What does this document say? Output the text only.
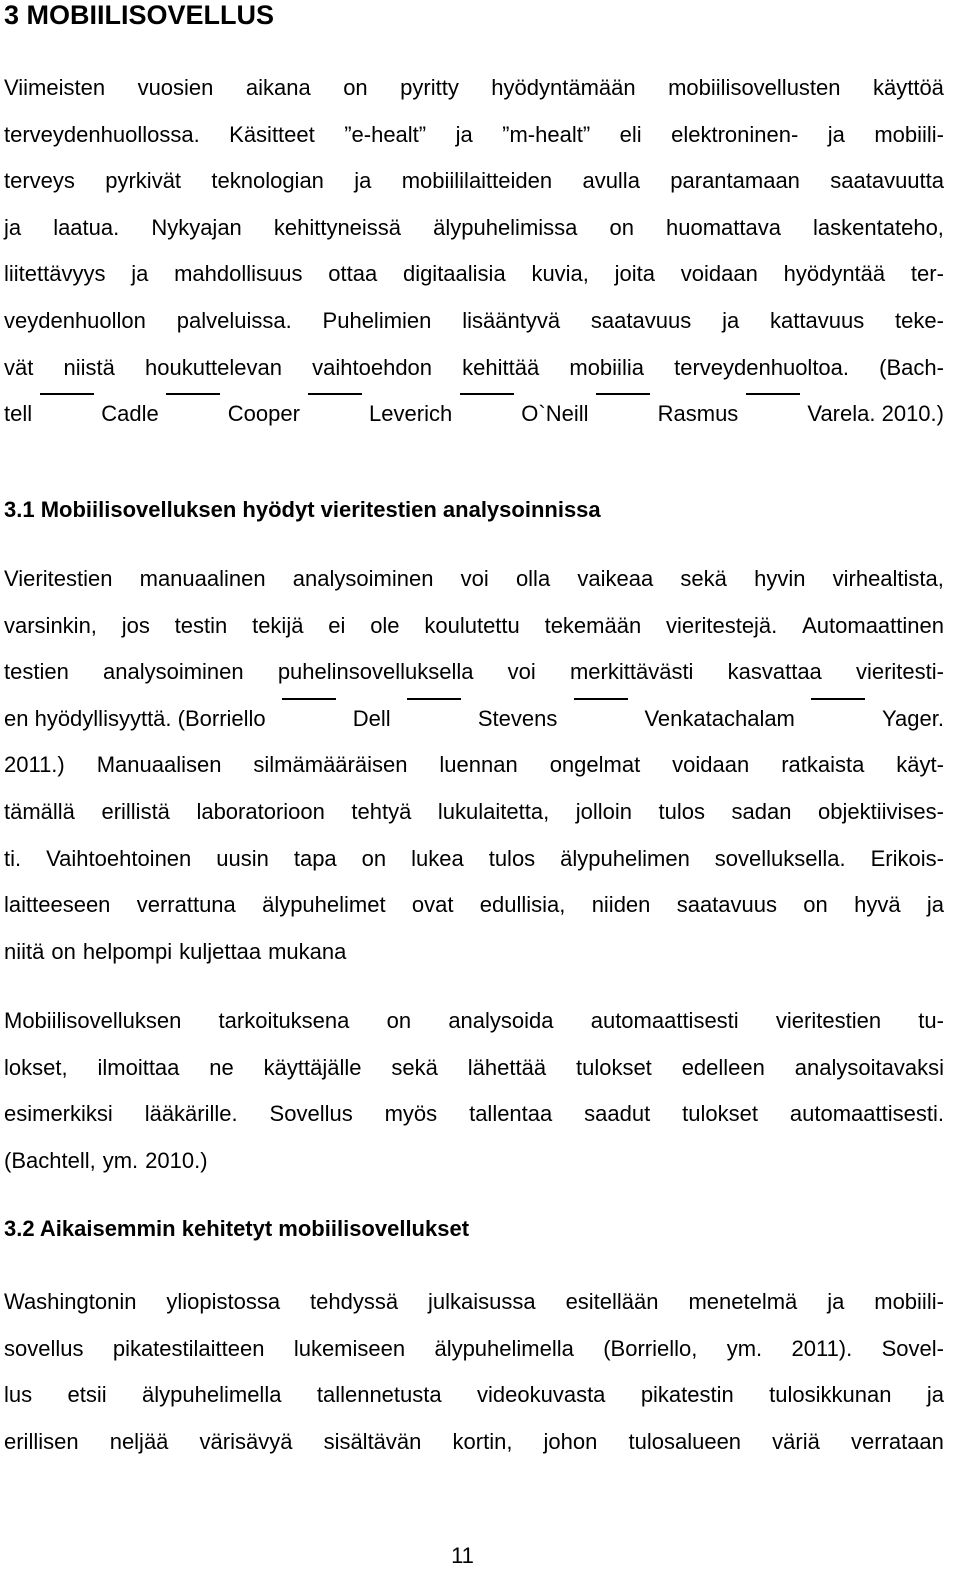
3 MOBIILISOVELLUS
Viimeisten vuosien aikana on pyritty hyödyntämään mobiilisovellusten käyttöä
terveydenhuollossa. Käsitteet ”e-healt” ja ”m-healt” eli elektroninen- ja mobiili-
terveys pyrkivät teknologian ja mobiililaitteiden avulla parantamaan saatavuutta
ja laatua. Nykyajan kehittyneissä älypuhelimissa on huomattava laskentateho,
liitettävyys ja mahdollisuus ottaa digitaalisia kuvia, joita voidaan hyödyntää ter-
veydenhuollon palveluissa. Puhelimien lisääntyvä saatavuus ja kattavuus teke-
vät niistä houkuttelevan vaihtoehdon kehittää mobiilia terveydenhuoltoa. (Bach-
tell	Cadle	Cooper	Leverich	O`Neill	Rasmus	Varela. 2010.)
3.1 Mobiilisovelluksen hyödyt vieritestien analysoinnissa
Vieritestien manuaalinen analysoiminen voi olla vaikeaa sekä hyvin virhealtista,
varsinkin, jos testin tekijä ei ole koulutettu tekemään vieritestejä. Automaattinen
testien analysoiminen puhelinsovelluksella voi merkittävästi kasvattaa vieritesti-
en hyödyllisyyttä. (Borriello	Dell	Stevens	Venkatachalam	Yager.
2011.) Manuaalisen silmämääräisen luennan ongelmat voidaan ratkaista käyt-
tämällä erillistä laboratorioon tehtyä lukulaitetta, jolloin tulos sadan objektiivises-
ti. Vaihtoehtoinen uusin tapa on lukea tulos älypuhelimen sovelluksella. Erikois-
laitteeseen verrattuna älypuhelimet ovat edullisia, niiden saatavuus on hyvä ja
niitä on helpompi kuljettaa mukana
Mobiilisovelluksen tarkoituksena on analysoida automaattisesti vieritestien tu-
lokset, ilmoittaa ne käyttäjälle sekä lähettää tulokset edelleen analysoitavaksi
esimerkiksi lääkärille. Sovellus myös tallentaa saadut tulokset automaattisesti.
(Bachtell, ym. 2010.)
3.2 Aikaisemmin kehitetyt mobiilisovellukset
Washingtonin yliopistossa tehdyssä julkaisussa esitellään menetelmä ja mobiili-
sovellus pikatestilaitteen lukemiseen älypuhelimella (Borriello, ym. 2011). Sovel-
lus etsii älypuhelimella tallennetusta videokuvasta pikatestin tulosikkunan ja
erillisen neljää värisävyä sisältävän kortin, johon tulosalueen väriä verrataan
11
